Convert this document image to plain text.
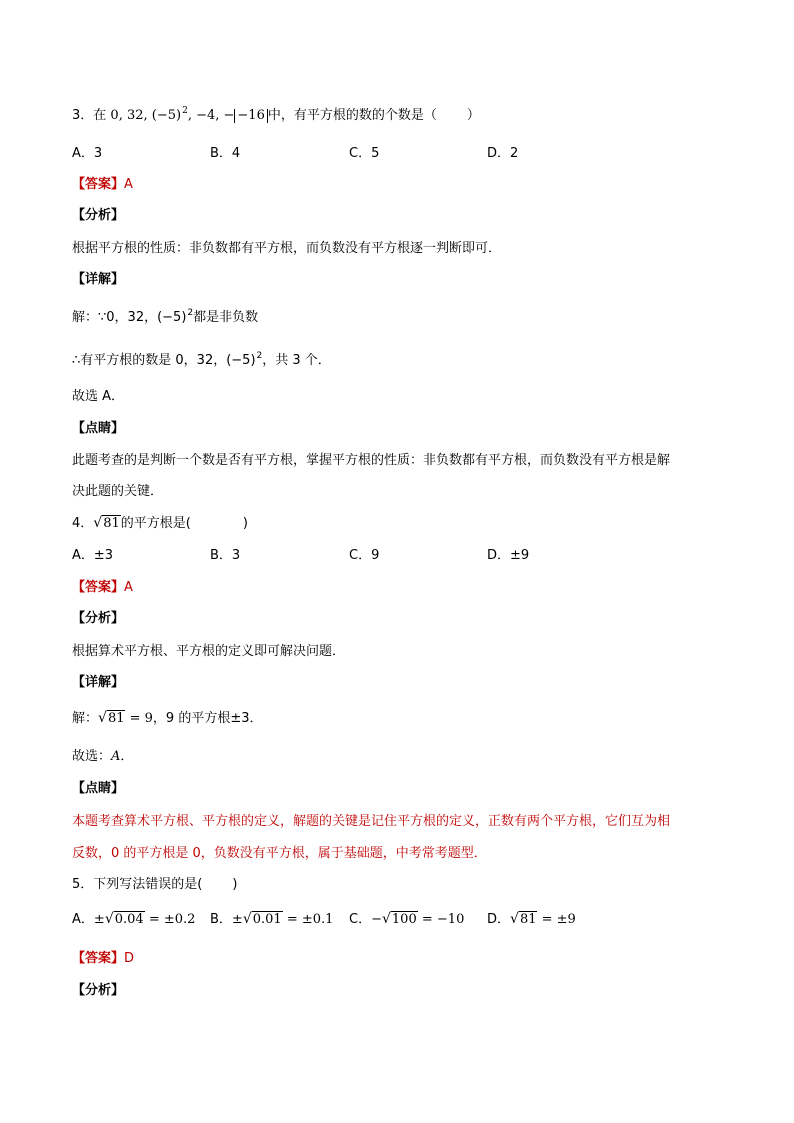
3．在 0, 32, $(-5)^2$, −4, − −16 中，有平方根的数的个数是（ ）
A．3	B．4	C．5	D．2
【答案】A
【分析】
根据平方根的性质：非负数都有平方根，而负数没有平方根逐一判断即可．
【详解】
解：∵0，32，$(-5)^2$都是非负数
∴有平方根的数是 0，32，$(-5)^2$，共 3 个．
故选 A．
【点睛】
此题考查的是判断一个数是否有平方根，掌握平方根的性质：非负数都有平方根，而负数没有平方根是解
决此题的关键．
4． √ 81 的平方根是(	)
A．±3	B．3	C．9	D．±9
【答案】A
【分析】
根据算术平方根、平方根的定义即可解决问题．
【详解】
解： √ 81 = 9，9 的平方根±3．
故选：A．
【点睛】
本题考查算术平方根、平方根的定义，解题的关键是记住平方根的定义，正数有两个平方根，它们互为相
反数，0 的平方根是 0，负数没有平方根，属于基础题，中考常考题型．
5．下列写法错误的是( )
A．± √ 0.04 = ±0.2 B．± √ 0.01 = ±0.1 C．− √ 100 = −10 D． √ 81 = ±9
【答案】D
【分析】
